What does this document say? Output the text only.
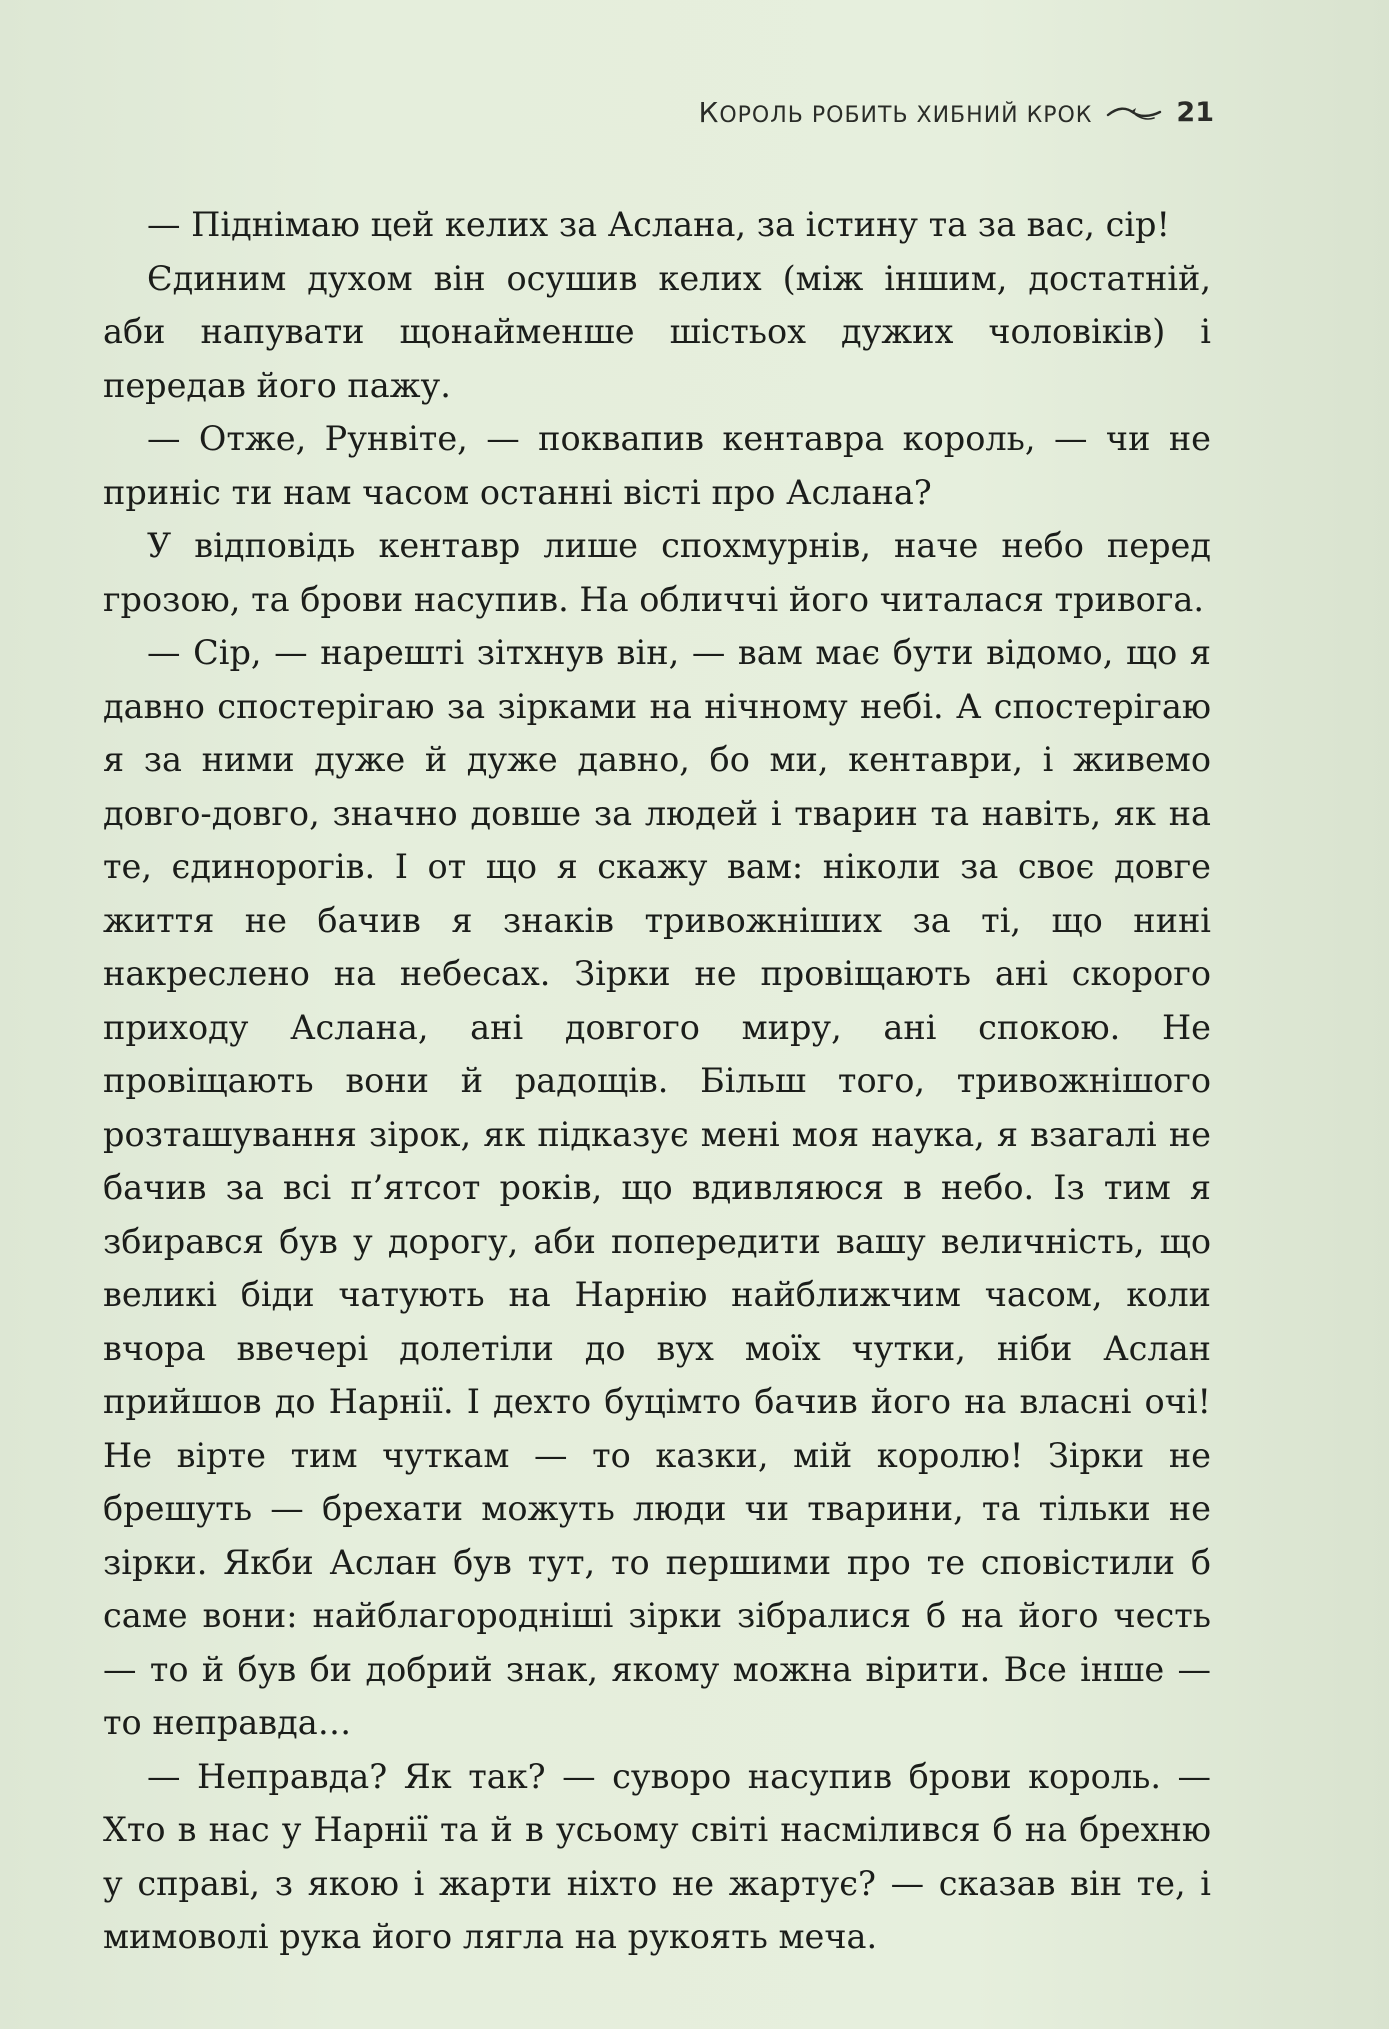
КОРОЛЬ РОБИТЬ ХИБНИЙ КРОК	21

— Піднімаю цей келих за Аслана, за істину та за вас, сір!

Єдиним духом він осушив келих (між іншим, достатній, аби напувати щонайменше шістьох дужих чоловіків) і передав його пажу.

— Отже, Рунвіте, — поквапив кентавра король, — чи не приніс ти нам часом останні вісті про Аслана?

У відповідь кентавр лише спохмурнів, наче небо перед грозою, та брови насупив. На обличчі його читалася тривога.

— Сір, — нарешті зітхнув він, — вам має бути відомо, що я давно спостерігаю за зірками на нічному небі. А спостерігаю я за ними дуже й дуже давно, бо ми, кентаври, і живемо довго-довго, значно довше за людей і тварин та навіть, як на те, єдинорогів. І от що я скажу вам: ніколи за своє довге життя не бачив я знаків тривожніших за ті, що нині накреслено на небесах. Зірки не провіщають ані скорого приходу Аслана, ані довгого миру, ані спокою. Не провіщають вони й радощів. Більш того, тривожнішого розташування зірок, як підказує мені моя наука, я взагалі не бачив за всі п’ятсот років, що вдивляюся в небо. Із тим я збирався був у дорогу, аби попередити вашу величність, що великі біди чатують на Нарнію найближчим часом, коли вчора ввечері долетіли до вух моїх чутки, ніби Аслан прийшов до Нарнії. І дехто буцімто бачив його на власні очі! Не вірте тим чуткам — то казки, мій королю! Зірки не брешуть — брехати можуть люди чи тварини, та тільки не зірки. Якби Аслан був тут, то першими про те сповістили б саме вони: найблагородніші зірки зібралися б на його честь — то й був би добрий знак, якому можна вірити. Все інше — то неправда…

— Неправда? Як так? — суворо насупив брови король. — Хто в нас у Нарнії та й в усьому світі насмілився б на брехню у справі, з якою і жарти ніхто не жартує? — сказав він те, і мимоволі рука його лягла на рукоять меча.
